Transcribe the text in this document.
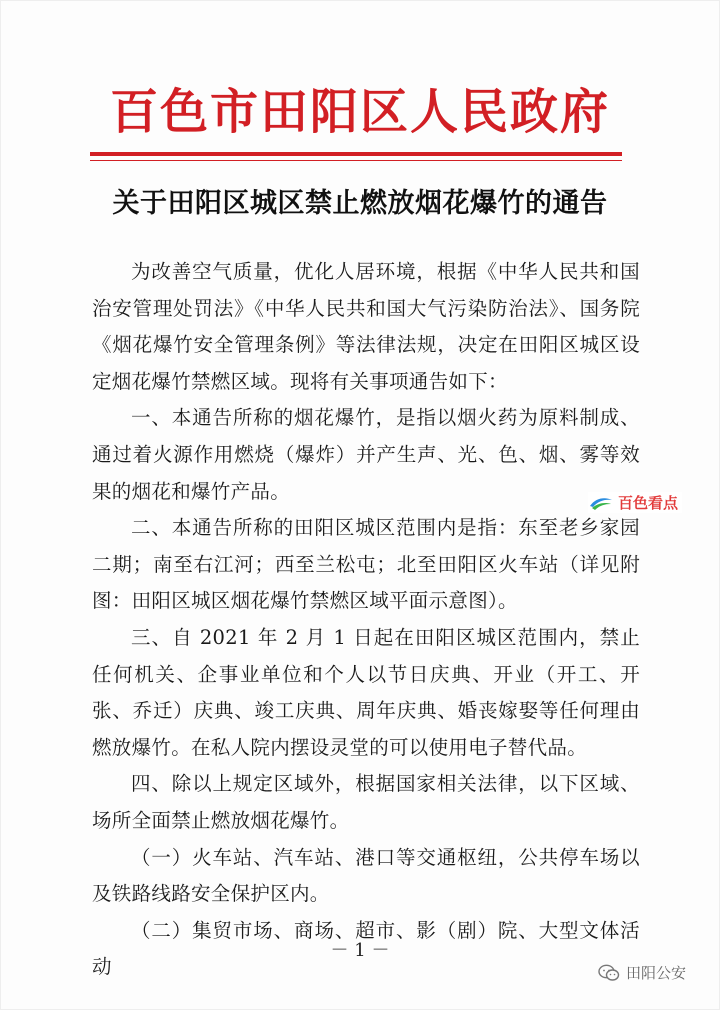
百色市田阳区人民政府
关于田阳区城区禁止燃放烟花爆竹的通告

为改善空气质量，优化人居环境，根据《中华人民共和国治安管理处罚法》《中华人民共和国大气污染防治法》、国务院《烟花爆竹安全管理条例》等法律法规，决定在田阳区城区设定烟花爆竹禁燃区域。现将有关事项通告如下：

一、本通告所称的烟花爆竹，是指以烟火药为原料制成、通过着火源作用燃烧（爆炸）并产生声、光、色、烟、雾等效果的烟花和爆竹产品。

二、本通告所称的田阳区城区范围内是指：东至老乡家园二期；南至右江河；西至兰松屯；北至田阳区火车站（详见附图：田阳区城区烟花爆竹禁燃区域平面示意图）。

三、自 2021 年 2 月 1 日起在田阳区城区范围内，禁止任何机关、企事业单位和个人以节日庆典、开业（开工、开张、乔迁）庆典、竣工庆典、周年庆典、婚丧嫁娶等任何理由燃放爆竹。在私人院内摆设灵堂的可以使用电子替代品。

四、除以上规定区域外，根据国家相关法律，以下区域、场所全面禁止燃放烟花爆竹。

（一）火车站、汽车站、港口等交通枢纽，公共停车场以及铁路线路安全保护区内。

（二）集贸市场、商场、超市、影（剧）院、大型文体活动

－ 1 －
百色看点
田阳公安
